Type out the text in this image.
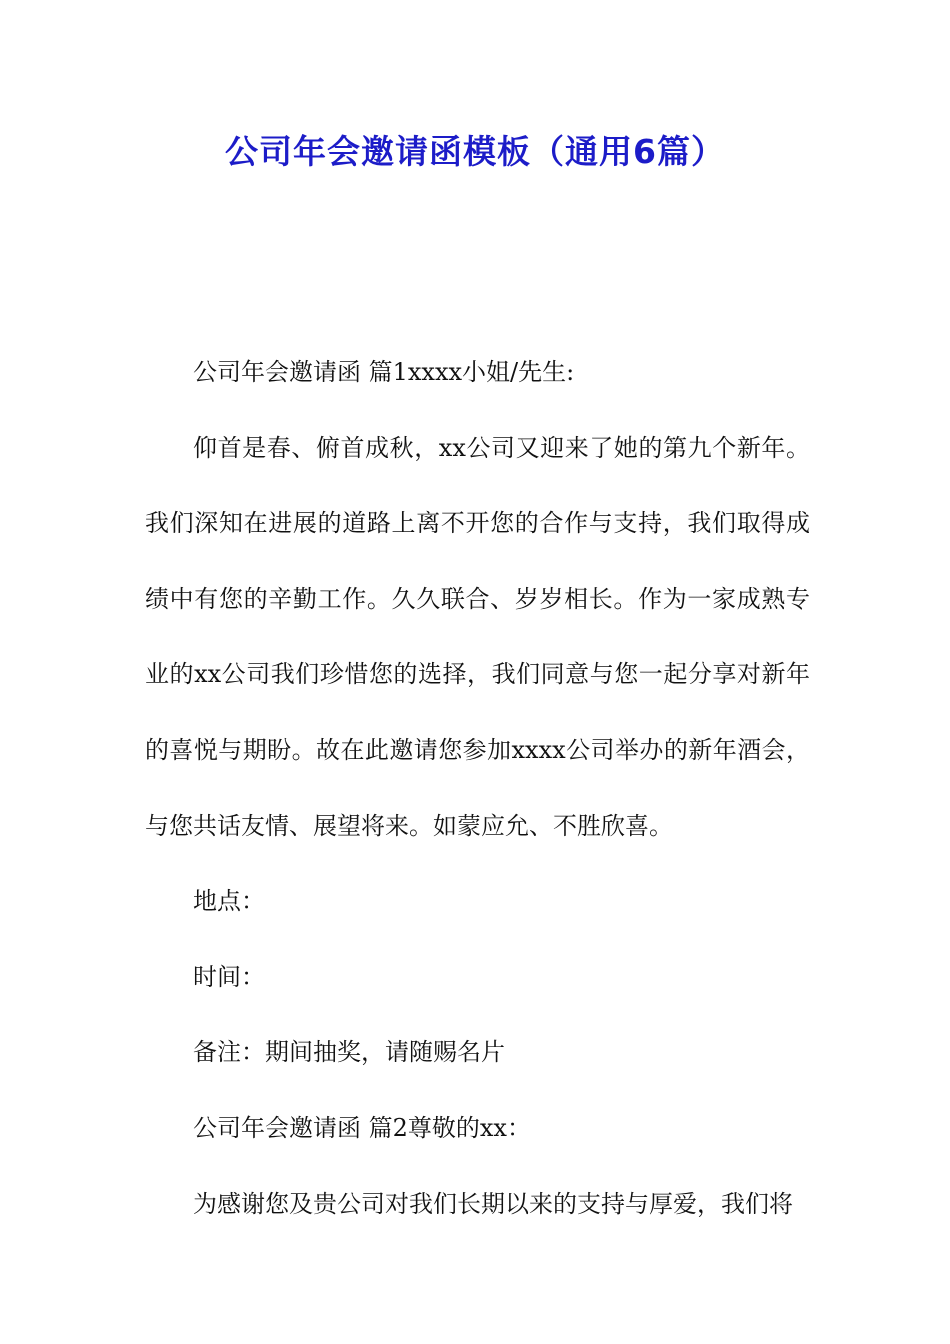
公司年会邀请函模板（通用6篇）

公司年会邀请函 篇1xxxx小姐/先生:

仰首是春、俯首成秋，xx公司又迎来了她的第九个新年。我们深知在进展的道路上离不开您的合作与支持，我们取得成绩中有您的辛勤工作。久久联合、岁岁相长。作为一家成熟专业的xx公司我们珍惜您的选择，我们同意与您一起分享对新年的喜悦与期盼。故在此邀请您参加xxxx公司举办的新年酒会，与您共话友情、展望将来。如蒙应允、不胜欣喜。

地点：

时间：

备注：期间抽奖，请随赐名片

公司年会邀请函 篇2尊敬的xx：

为感谢您及贵公司对我们长期以来的支持与厚爱，我们将
